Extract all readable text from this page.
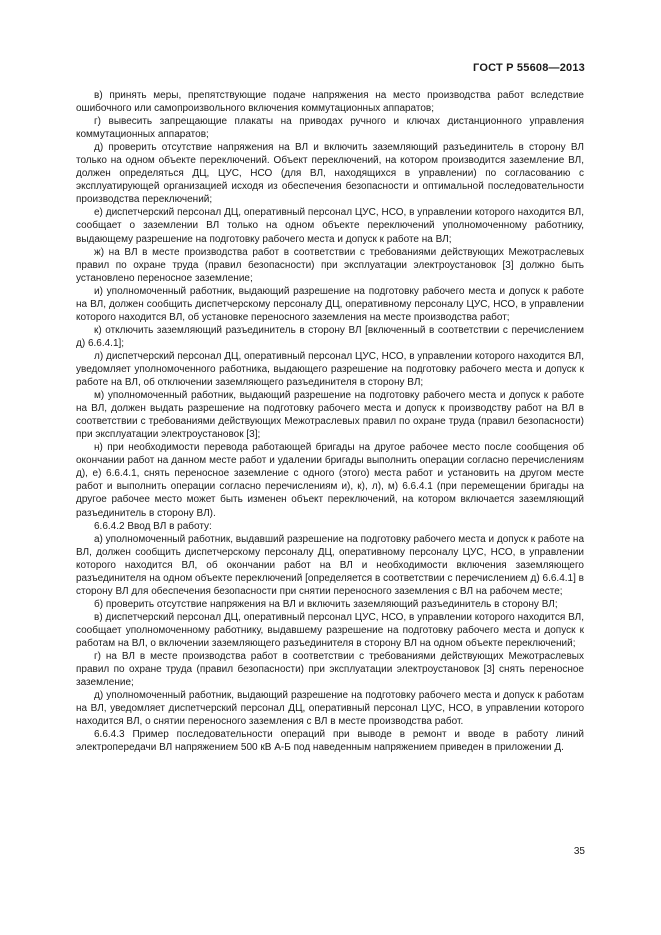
ГОСТ Р 55608—2013

в) принять меры, препятствующие подаче напряжения на место производства работ вследствие ошибочного или самопроизвольного включения коммутационных аппаратов;

г) вывесить запрещающие плакаты на приводах ручного и ключах дистанционного управления коммутационных аппаратов;

д) проверить отсутствие напряжения на ВЛ и включить заземляющий разъединитель в сторону ВЛ только на одном объекте переключений. Объект переключений, на котором производится заземление ВЛ, должен определяться ДЦ, ЦУС, НСО (для ВЛ, находящихся в управлении) по согласованию с эксплуатирующей организацией исходя из обеспечения безопасности и оптимальной последовательности производства переключений;

е) диспетчерский персонал ДЦ, оперативный персонал ЦУС, НСО, в управлении которого находится ВЛ, сообщает о заземлении ВЛ только на одном объекте переключений уполномоченному работнику, выдающему разрешение на подготовку рабочего места и допуск к работе на ВЛ;

ж) на ВЛ в месте производства работ в соответствии с требованиями действующих Межотраслевых правил по охране труда (правил безопасности) при эксплуатации электроустановок [3] должно быть установлено переносное заземление;

и) уполномоченный работник, выдающий разрешение на подготовку рабочего места и допуск к работе на ВЛ, должен сообщить диспетчерскому персоналу ДЦ, оперативному персоналу ЦУС, НСО, в управлении которого находится ВЛ, об установке переносного заземления на месте производства работ;

к) отключить заземляющий разъединитель в сторону ВЛ [включенный в соответствии с перечислением д) 6.6.4.1];

л) диспетчерский персонал ДЦ, оперативный персонал ЦУС, НСО, в управлении которого находится ВЛ, уведомляет уполномоченного работника, выдающего разрешение на подготовку рабочего места и допуск к работе на ВЛ, об отключении заземляющего разъединителя в сторону ВЛ;

м) уполномоченный работник, выдающий разрешение на подготовку рабочего места и допуск к работе на ВЛ, должен выдать разрешение на подготовку рабочего места и допуск к производству работ на ВЛ в соответствии с требованиями действующих Межотраслевых правил по охране труда (правил безопасности) при эксплуатации электроустановок [3];

н) при необходимости перевода работающей бригады на другое рабочее место после сообщения об окончании работ на данном месте работ и удалении бригады выполнить операции согласно перечислениям д), е) 6.6.4.1, снять переносное заземление с одного (этого) места работ и установить на другом месте работ и выполнить операции согласно перечислениям и), к), л), м) 6.6.4.1 (при перемещении бригады на другое рабочее место может быть изменен объект переключений, на котором включается заземляющий разъединитель в сторону ВЛ).

6.6.4.2 Ввод ВЛ в работу:

а) уполномоченный работник, выдавший разрешение на подготовку рабочего места и допуск к работе на ВЛ, должен сообщить диспетчерскому персоналу ДЦ, оперативному персоналу ЦУС, НСО, в управлении которого находится ВЛ, об окончании работ на ВЛ и необходимости включения заземляющего разъединителя на одном объекте переключений [определяется в соответствии с перечислением д) 6.6.4.1] в сторону ВЛ для обеспечения безопасности при снятии переносного заземления с ВЛ на рабочем месте;

б) проверить отсутствие напряжения на ВЛ и включить заземляющий разъединитель в сторону ВЛ;

в) диспетчерский персонал ДЦ, оперативный персонал ЦУС, НСО, в управлении которого находится ВЛ, сообщает уполномоченному работнику, выдавшему разрешение на подготовку рабочего места и допуск к работам на ВЛ, о включении заземляющего разъединителя в сторону ВЛ на одном объекте переключений;

г) на ВЛ в месте производства работ в соответствии с требованиями действующих Межотраслевых правил по охране труда (правил безопасности) при эксплуатации электроустановок [3] снять переносное заземление;

д) уполномоченный работник, выдающий разрешение на подготовку рабочего места и допуск к работам на ВЛ, уведомляет диспетчерский персонал ДЦ, оперативный персонал ЦУС, НСО, в управлении которого находится ВЛ, о снятии переносного заземления с ВЛ в месте производства работ.

6.6.4.3 Пример последовательности операций при выводе в ремонт и вводе в работу линий электропередачи ВЛ напряжением 500 кВ А-Б под наведенным напряжением приведен в приложении Д.

35
